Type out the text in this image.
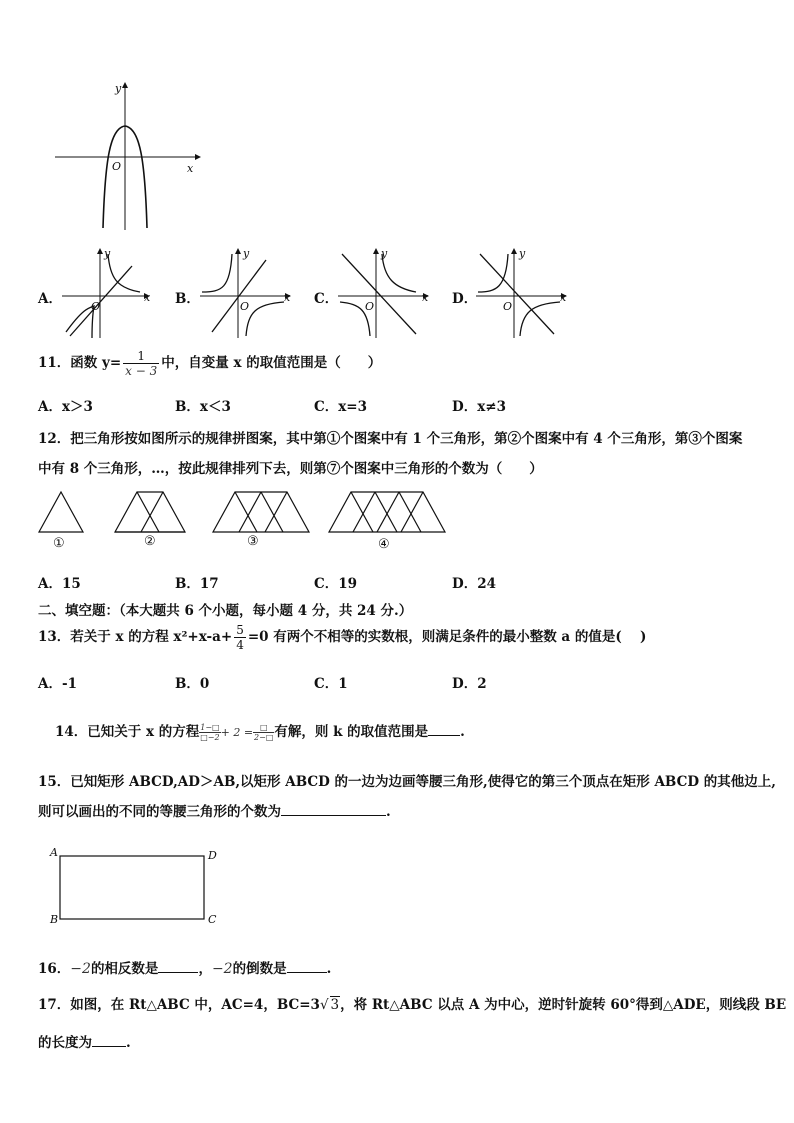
y
x
O
A．
y
x
O	B．
y
x
O	C．
y
x
O	D．
y
x
O
11．函数 $y= \frac{1}{x - 3}$ 中，自变量 x 的取值范围是（　　）
A．x＞3	B．x＜3	C．x=3	D．x≠3
12．把三角形按如图所示的规律拼图案，其中第①个图案中有 1 个三角形，第②个图案中有 4 个三角形，第③个图案
中有 8 个三角形，…，按此规律排列下去，则第⑦个图案中三角形的个数为（　　）
①	②	③	④
A．15	B．17	C．19	D．24
二、填空题：（本大题共 6 个小题，每小题 4 分，共 24 分.）
13．若关于 x 的方程 $x^2+x-a+ \frac{5}{4} =0$ 有两个不相等的实数根，则满足条件的最小整数 a 的值是(　 )
A．-1	B．0	C．1	D．2
14．已知关于 x 的方程 $\frac{1-□}{□-2} + 2 = \frac{□}{2-□}$ 有解，则 k 的取值范围是 .
15．已知矩形 ABCD,AD＞AB,以矩形 ABCD 的一边为边画等腰三角形,使得它的第三个顶点在矩形 ABCD 的其他边上,
则可以画出的不同的等腰三角形的个数为	.
A	D
B	C
16．−2的相反数是	，−2的倒数是	.
17．如图，在 Rt△ABC 中，AC=4，BC=3√ 3，将 Rt△ABC 以点 A 为中心，逆时针旋转 60°得到△ADE，则线段 BE
的长度为	.
